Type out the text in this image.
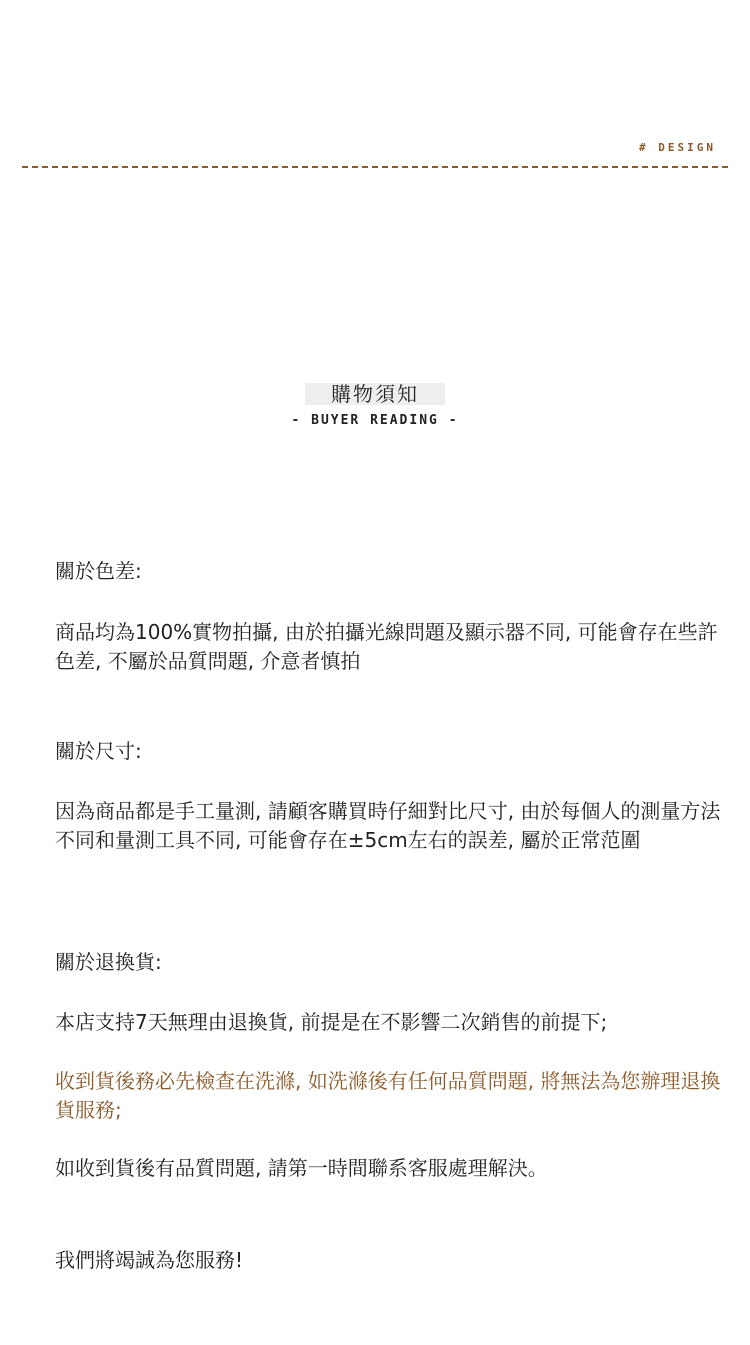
# DESIGN
購物須知
- BUYER READING -

關於色差:

商品均為100%實物拍攝, 由於拍攝光線問題及顯示器不同, 可能會存在些許色差, 不屬於品質問題, 介意者慎拍

關於尺寸:

因為商品都是手工量測, 請顧客購買時仔細對比尺寸, 由於每個人的測量方法不同和量測工具不同, 可能會存在±5cm左右的誤差, 屬於正常范圍

關於退換貨:

本店支持7天無理由退換貨, 前提是在不影響二次銷售的前提下;

收到貨後務必先檢查在洗滌, 如洗滌後有任何品質問題, 將無法為您辦理退換貨服務;

如收到貨後有品質問題, 請第一時間聯系客服處理解決。

我們將竭誠為您服務!
